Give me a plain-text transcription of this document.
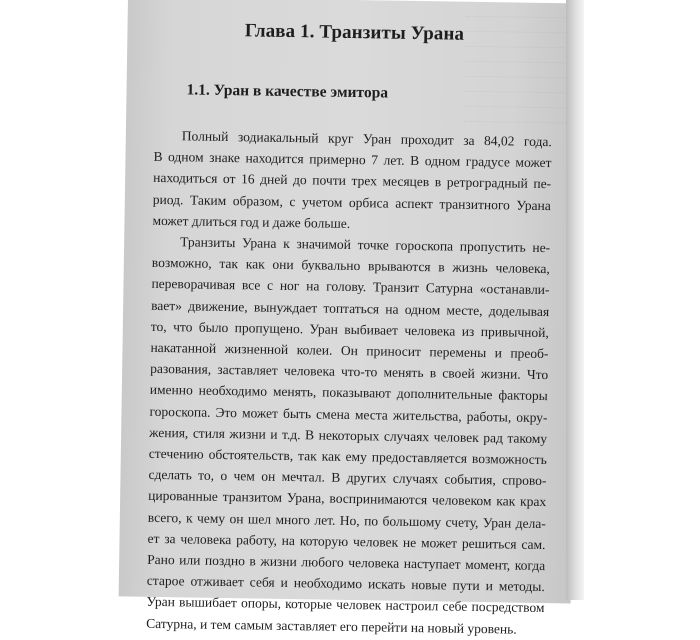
Глава 1. Транзиты Урана
1.1. Уран в качестве эмитора

Полный зодиакальный круг Уран проходит за 84,02 года.
В одном знаке находится примерно 7 лет. В одном градусе может
находиться от 16 дней до почти трех месяцев в ретроградный пе-
риод. Таким образом, с учетом орбиса аспект транзитного Урана
может длиться год и даже больше.

Транзиты Урана к значимой точке гороскопа пропустить не-
возможно, так как они буквально врываются в жизнь человека,
переворачивая все с ног на голову. Транзит Сатурна «останавли-
вает» движение, вынуждает топтаться на одном месте, доделывая
то, что было пропущено. Уран выбивает человека из привычной,
накатанной жизненной колеи. Он приносит перемены и преоб-
разования, заставляет человека что-то менять в своей жизни. Что
именно необходимо менять, показывают дополнительные факторы
гороскопа. Это может быть смена места жительства, работы, окру-
жения, стиля жизни и т.д. В некоторых случаях человек рад такому
стечению обстоятельств, так как ему предоставляется возможность
сделать то, о чем он мечтал. В других случаях события, спрово-
цированные транзитом Урана, воспринимаются человеком как крах
всего, к чему он шел много лет. Но, по большому счету, Уран дела-
ет за человека работу, на которую человек не может решиться сам.
Рано или поздно в жизни любого человека наступает момент, когда
старое отживает себя и необходимо искать новые пути и методы.
Уран вышибает опоры, которые человек настроил себе посредством
Сатурна, и тем самым заставляет его перейти на новый уровень.
